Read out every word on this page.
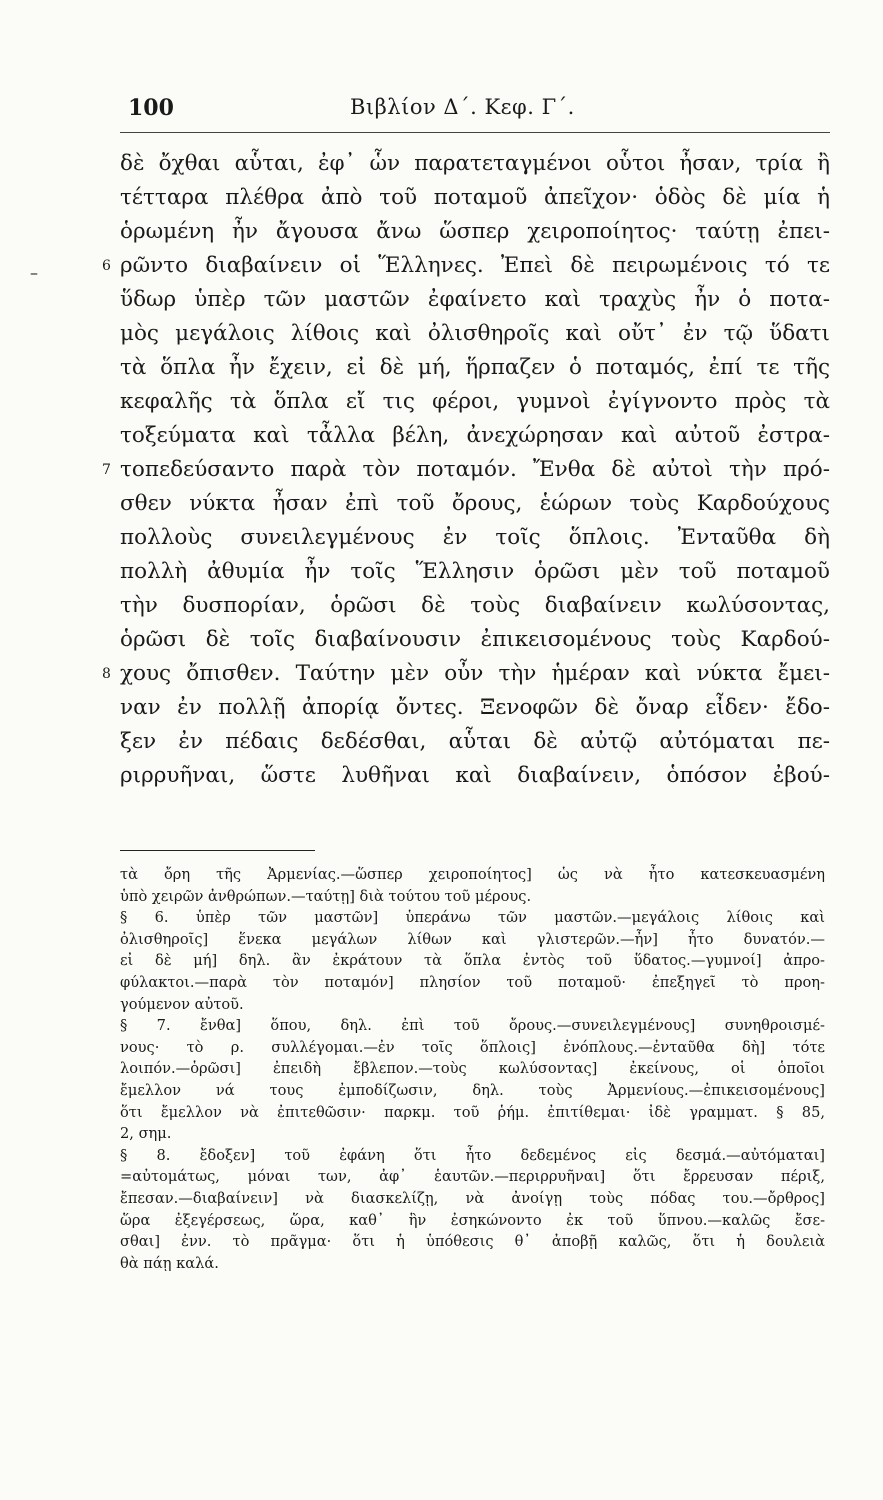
100	Βιβλίον Δ΄. Κεφ. Γ΄.
–
δὲ ὄχθαι αὗται, ἐφ᾽ ὧν παρατεταγμένοι οὗτοι ἦσαν, τρία ἢ
τέτταρα πλέθρα ἀπὸ τοῦ ποταμοῦ ἀπεῖχον· ὁδὸς δὲ μία ἡ
ὁρωμένη ἦν ἄγουσα ἄνω ὥσπερ χειροποίητος· ταύτῃ ἐπει-
6 ρῶντο διαβαίνειν οἱ Ἕλληνες. Ἐπεὶ δὲ πειρωμένοις τό τε
ὕδωρ ὑπὲρ τῶν μαστῶν ἐφαίνετο καὶ τραχὺς ἦν ὁ ποτα-
μὸς μεγάλοις λίθοις καὶ ὀλισθηροῖς καὶ οὔτ᾽ ἐν τῷ ὕδατι
τὰ ὅπλα ἦν ἔχειν, εἰ δὲ μή, ἥρπαζεν ὁ ποταμός, ἐπί τε τῆς
κεφαλῆς τὰ ὅπλα εἴ τις φέροι, γυμνοὶ ἐγίγνοντο πρὸς τὰ
τοξεύματα καὶ τἆλλα βέλη, ἀνεχώρησαν καὶ αὐτοῦ ἐστρα-
7 τοπεδεύσαντο παρὰ τὸν ποταμόν. Ἔνθα δὲ αὐτοὶ τὴν πρό-
σθεν νύκτα ἦσαν ἐπὶ τοῦ ὄρους, ἑώρων τοὺς Καρδούχους
πολλοὺς συνειλεγμένους ἐν τοῖς ὅπλοις. Ἐνταῦθα δὴ
πολλὴ ἀθυμία ἦν τοῖς Ἕλλησιν ὁρῶσι μὲν τοῦ ποταμοῦ
τὴν δυσπορίαν, ὁρῶσι δὲ τοὺς διαβαίνειν κωλύσοντας,
ὁρῶσι δὲ τοῖς διαβαίνουσιν ἐπικεισομένους τοὺς Καρδού-
8 χους ὄπισθεν. Ταύτην μὲν οὖν τὴν ἡμέραν καὶ νύκτα ἔμει-
ναν ἐν πολλῇ ἀπορίᾳ ὄντες. Ξενοφῶν δὲ ὄναρ εἶδεν· ἔδο-
ξεν ἐν πέδαις δεδέσθαι, αὗται δὲ αὐτῷ αὐτόμαται πε-
ριρρυῆναι, ὥστε λυθῆναι καὶ διαβαίνειν, ὁπόσον ἐβού-
τὰ ὄρη τῆς Ἀρμενίας.—ὥσπερ χειροποίητος] ὡς νὰ ἦτο κατεσκευασμένη
ὑπὸ χειρῶν ἀνθρώπων.—ταύτῃ] διὰ τούτου τοῦ μέρους.
§ 6. ὑπὲρ τῶν μαστῶν] ὑπεράνω τῶν μαστῶν.—μεγάλοις λίθοις καὶ
ὀλισθηροῖς] ἕνεκα μεγάλων λίθων καὶ γλιστερῶν.—ἦν] ἦτο δυνατόν.—
εἰ δὲ μή] δηλ. ἂν ἐκράτουν τὰ ὅπλα ἐντὸς τοῦ ὕδατος.—γυμνοί] ἀπρο-
φύλακτοι.—παρὰ τὸν ποταμόν] πλησίον τοῦ ποταμοῦ· ἐπεξηγεῖ τὸ προη-
γούμενον αὐτοῦ.
§ 7. ἔνθα] ὅπου, δηλ. ἐπὶ τοῦ ὄρους.—συνειλεγμένους] συνηθροισμέ-
νους· τὸ ρ. συλλέγομαι.—ἐν τοῖς ὅπλοις] ἐνόπλους.—ἐνταῦθα δὴ] τότε
λοιπόν.—ὁρῶσι] ἐπειδὴ ἔβλεπον.—τοὺς κωλύσοντας] ἐκείνους, οἱ ὁποῖοι
ἔμελλον νά τους ἐμποδίζωσιν, δηλ. τοὺς Ἀρμενίους.—ἐπικεισομένους]
ὅτι ἔμελλον νὰ ἐπιτεθῶσιν· παρκμ. τοῦ ῥήμ. ἐπιτίθεμαι· ἰδὲ γραμματ. § 85,
2, σημ.
§ 8. ἔδοξεν] τοῦ ἐφάνη ὅτι ἦτο δεδεμένος εἰς δεσμά.—αὐτόμαται]
=αὐτομάτως, μόναι των, ἀφ᾽ ἑαυτῶν.—περιρρυῆναι] ὅτι ἔρρευσαν πέριξ,
ἔπεσαν.—διαβαίνειν] νὰ διασκελίζῃ, νὰ ἀνοίγῃ τοὺς πόδας του.—ὄρθρος]
ὥρα ἐξεγέρσεως, ὥρα, καθ᾽ ἣν ἐσηκώνοντο ἐκ τοῦ ὕπνου.—καλῶς ἔσε-
σθαι] ἐνν. τὸ πρᾶγμα· ὅτι ἡ ὑπόθεσις θ᾽ ἀποβῇ καλῶς, ὅτι ἡ δουλειὰ
θὰ πάῃ καλά.
